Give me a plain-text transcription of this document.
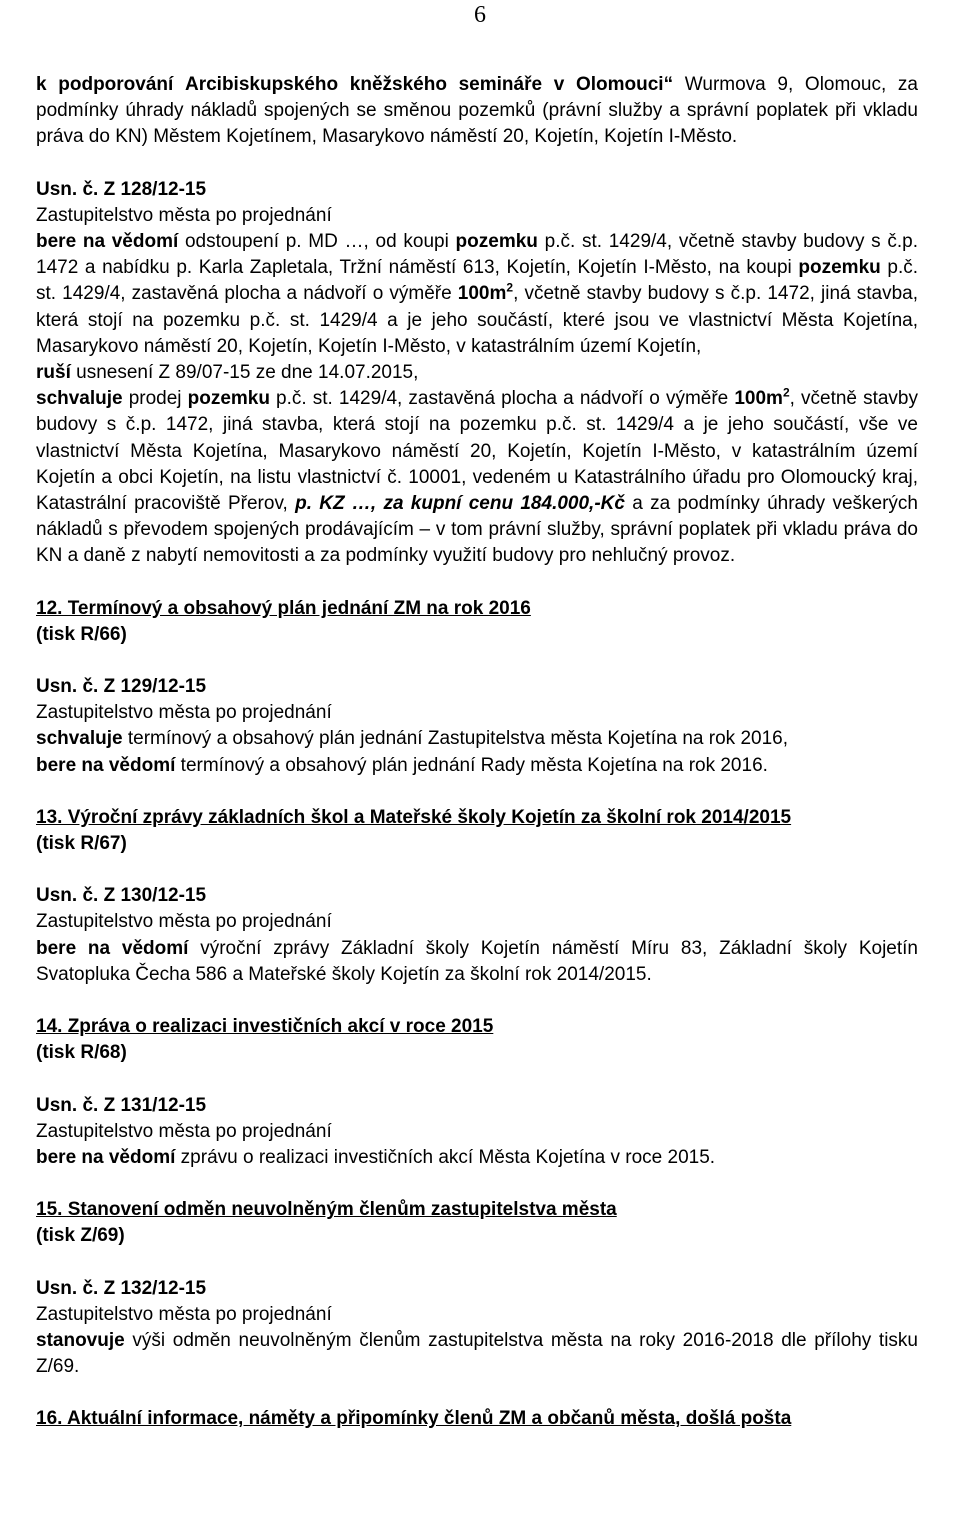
6

k podporování Arcibiskupského kněžského semináře v Olomouci“ Wurmova 9, Olomouc, za podmínky úhrady nákladů spojených se směnou pozemků (právní služby a správní poplatek při vkladu práva do KN) Městem Kojetínem, Masarykovo náměstí 20, Kojetín, Kojetín I-Město.

Usn. č. Z 128/12-15

Zastupitelstvo města po projednání

bere na vědomí odstoupení p. MD …, od koupi pozemku p.č. st. 1429/4, včetně stavby budovy s č.p. 1472 a nabídku p. Karla Zapletala, Tržní náměstí 613, Kojetín, Kojetín I-Město, na koupi pozemku p.č. st. 1429/4, zastavěná plocha a nádvoří o výměře $100m^2$, včetně stavby budovy s č.p. 1472, jiná stavba, která stojí na pozemku p.č. st. 1429/4 a je jeho součástí, které jsou ve vlastnictví Města Kojetína, Masarykovo náměstí 20, Kojetín, Kojetín I-Město, v katastrálním území Kojetín,

ruší usnesení Z 89/07-15 ze dne 14.07.2015,

schvaluje prodej pozemku p.č. st. 1429/4, zastavěná plocha a nádvoří o výměře $100m^2$, včetně stavby budovy s č.p. 1472, jiná stavba, která stojí na pozemku p.č. st. 1429/4 a je jeho součástí, vše ve vlastnictví Města Kojetína, Masarykovo náměstí 20, Kojetín, Kojetín I-Město, v katastrálním území Kojetín a obci Kojetín, na listu vlastnictví č. 10001, vedeném u Katastrálního úřadu pro Olomoucký kraj, Katastrální pracoviště Přerov, p. KZ …, za kupní cenu 184.000,-Kč a za podmínky úhrady veškerých nákladů s převodem spojených prodávajícím – v tom právní služby, správní poplatek při vkladu práva do KN a daně z nabytí nemovitosti a za podmínky využití budovy pro nehlučný provoz.

12. Termínový a obsahový plán jednání ZM na rok 2016

(tisk R/66)

Usn. č. Z 129/12-15

Zastupitelstvo města po projednání

schvaluje termínový a obsahový plán jednání Zastupitelstva města Kojetína na rok 2016,

bere na vědomí termínový a obsahový plán jednání Rady města Kojetína na rok 2016.

13. Výroční zprávy základních škol a Mateřské školy Kojetín za školní rok 2014/2015

(tisk R/67)

Usn. č. Z 130/12-15

Zastupitelstvo města po projednání

bere na vědomí výroční zprávy Základní školy Kojetín náměstí Míru 83, Základní školy Kojetín Svatopluka Čecha 586 a Mateřské školy Kojetín za školní rok 2014/2015.

14. Zpráva o realizaci investičních akcí v roce 2015

(tisk R/68)

Usn. č. Z 131/12-15

Zastupitelstvo města po projednání

bere na vědomí zprávu o realizaci investičních akcí Města Kojetína v roce 2015.

15. Stanovení odměn neuvolněným členům zastupitelstva města

(tisk Z/69)

Usn. č. Z 132/12-15

Zastupitelstvo města po projednání

stanovuje výši odměn neuvolněným členům zastupitelstva města na roky 2016-2018 dle přílohy tisku Z/69.

16. Aktuální informace, náměty a připomínky členů ZM a občanů města, došlá pošta
